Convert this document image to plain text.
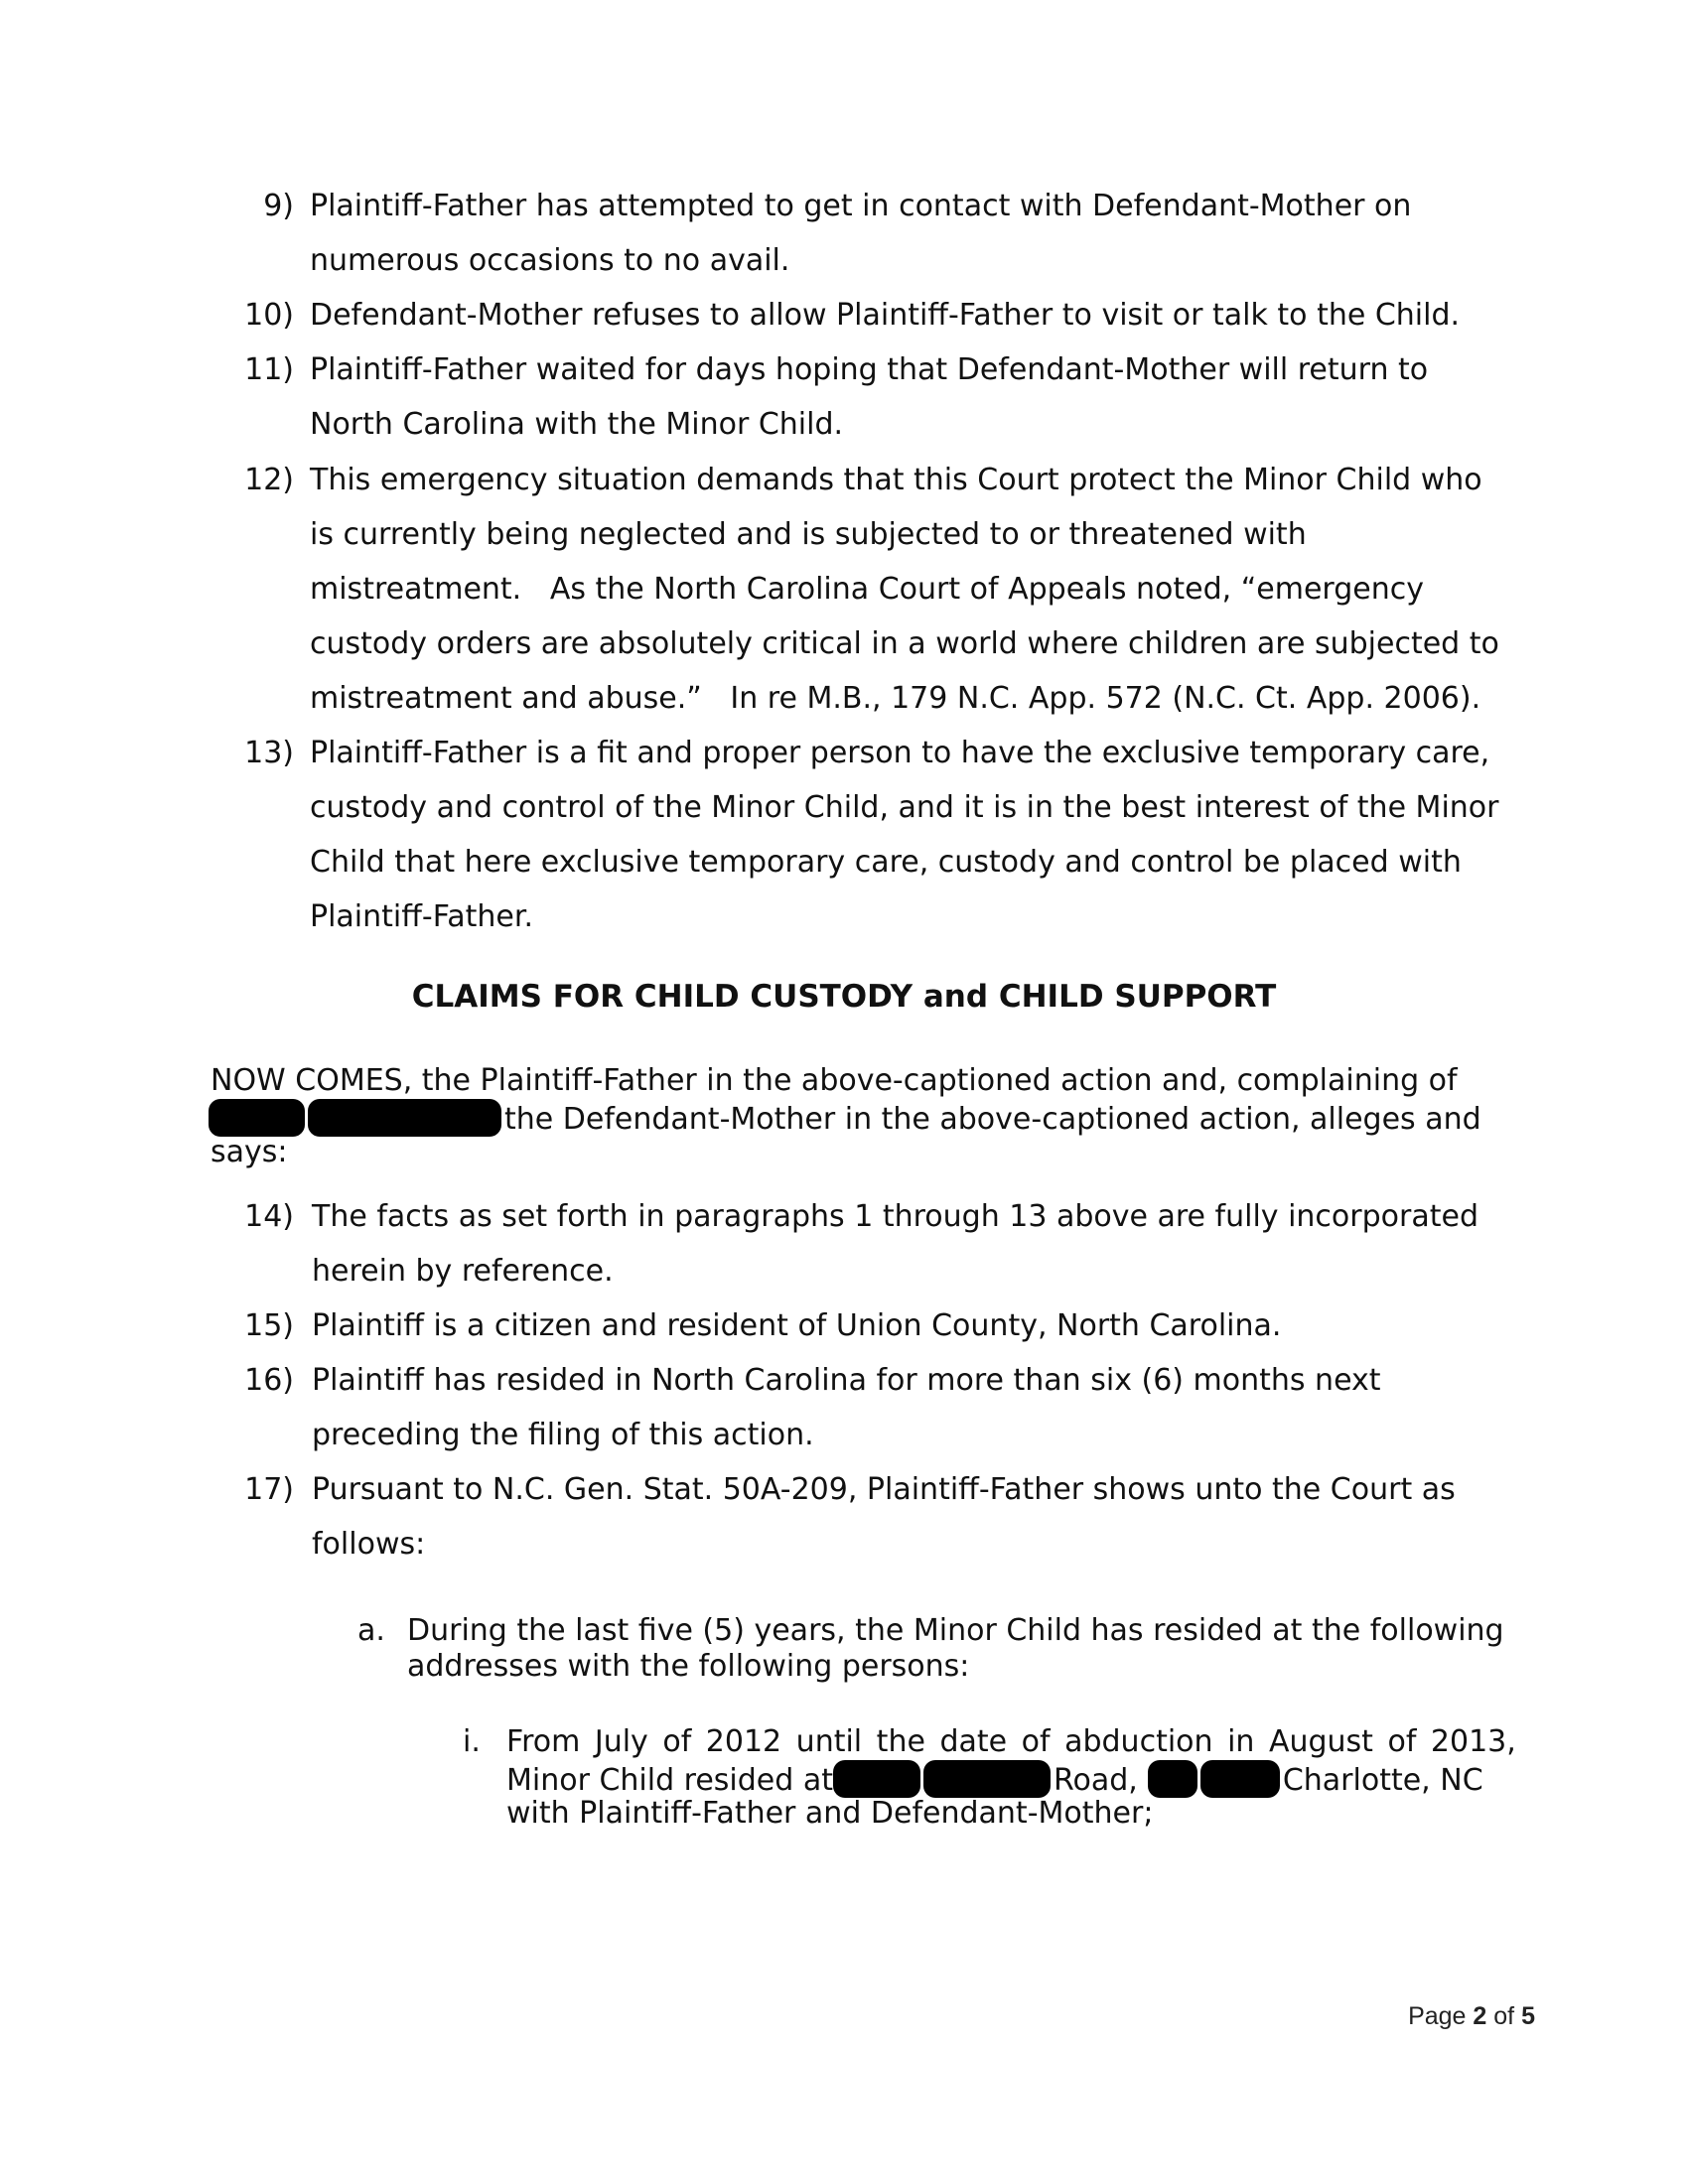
9) Plaintiff-Father has attempted to get in contact with Defendant-Mother on
numerous occasions to no avail.
10) Defendant-Mother refuses to allow Plaintiff-Father to visit or talk to the Child.
11) Plaintiff-Father waited for days hoping that Defendant-Mother will return to
North Carolina with the Minor Child.
12) This emergency situation demands that this Court protect the Minor Child who
is currently being neglected and is subjected to or threatened with
mistreatment.   As the North Carolina Court of Appeals noted, “emergency
custody orders are absolutely critical in a world where children are subjected to
mistreatment and abuse.”   In re M.B., 179 N.C. App. 572 (N.C. Ct. App. 2006).
13) Plaintiff-Father is a fit and proper person to have the exclusive temporary care,
custody and control of the Minor Child, and it is in the best interest of the Minor
Child that here exclusive temporary care, custody and control be placed with
Plaintiff-Father.
CLAIMS FOR CHILD CUSTODY and CHILD SUPPORT
NOW COMES, the Plaintiff-Father in the above-captioned action and, complaining of
the Defendant-Mother in the above-captioned action, alleges and
says:
14) The facts as set forth in paragraphs 1 through 13 above are fully incorporated
herein by reference.
15) Plaintiff is a citizen and resident of Union County, North Carolina.
16) Plaintiff has resided in North Carolina for more than six (6) months next
preceding the filing of this action.
17) Pursuant to N.C. Gen. Stat. 50A-209, Plaintiff-Father shows unto the Court as
follows:
a. During the last five (5) years, the Minor Child has resided at the following
addresses with the following persons:
i. From July of 2012 until the date of abduction in August of 2013,
Minor Child resided at	Road,	Charlotte, NC
with Plaintiff-Father and Defendant-Mother;
Page 2 of 5
